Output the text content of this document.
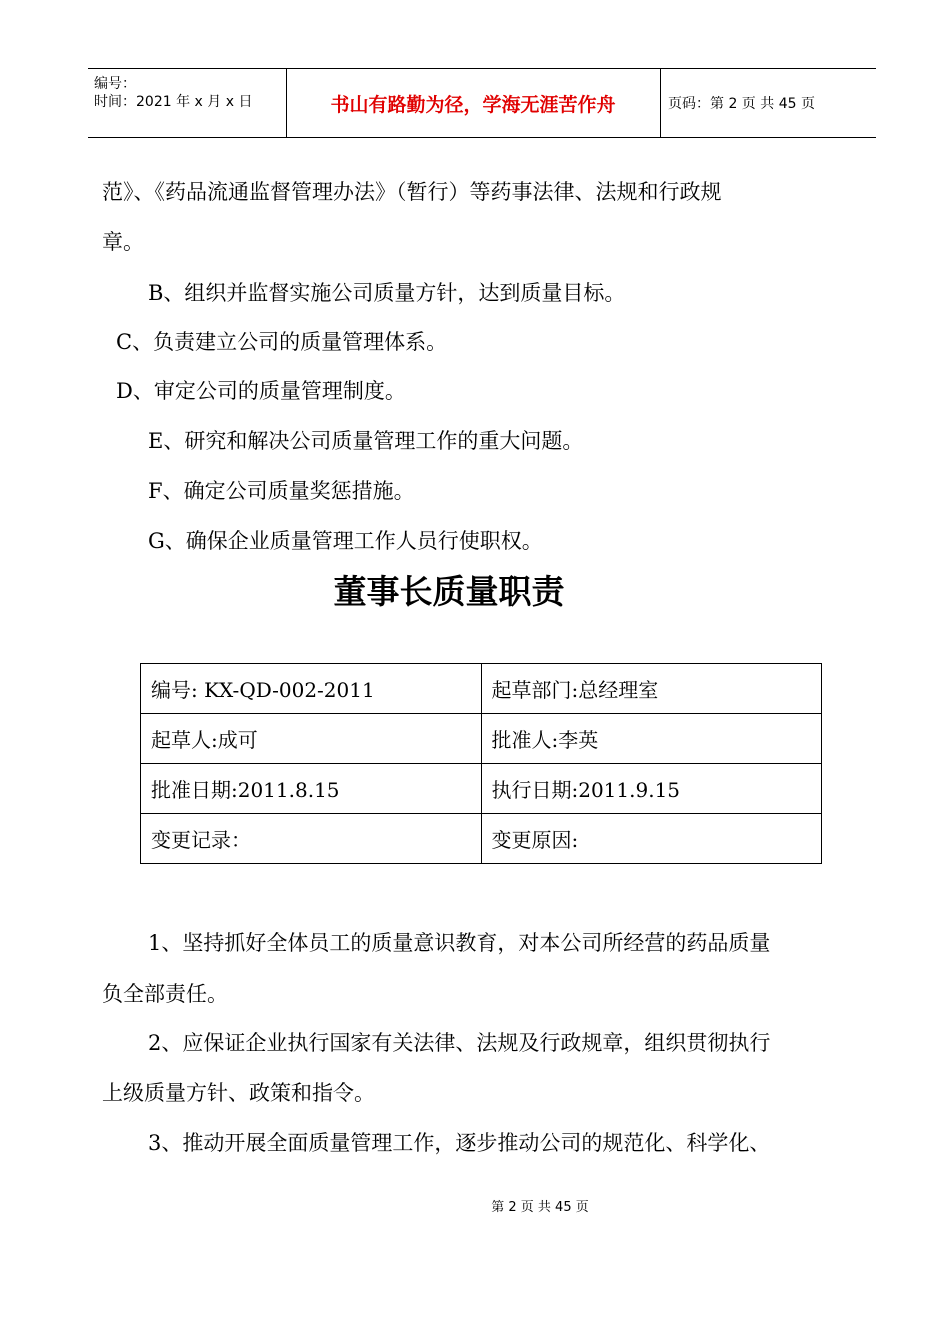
编号：
时间：2021 年 x 月 x 日	书山有路勤为径，学海无涯苦作舟	页码：第 2 页 共 45 页
范》、《药品流通监督管理办法》（暂行）等药事法律、法规和行政规
章。
B、组织并监督实施公司质量方针，达到质量目标。
C、负责建立公司的质量管理体系。
D、审定公司的质量管理制度。
E、研究和解决公司质量管理工作的重大问题。
F、确定公司质量奖惩措施。
G、确保企业质量管理工作人员行使职权。
董事长质量职责
编号: KX-QD-002-2011	起草部门:总经理室
起草人:成可	批准人:李英
批准日期:2011.8.15	执行日期:2011.9.15
变更记录：	变更原因:
1、坚持抓好全体员工的质量意识教育，对本公司所经营的药品质量
负全部责任。
2、应保证企业执行国家有关法律、法规及行政规章，组织贯彻执行
上级质量方针、政策和指令。
3、推动开展全面质量管理工作，逐步推动公司的规范化、科学化、
第 2 页 共 45 页
